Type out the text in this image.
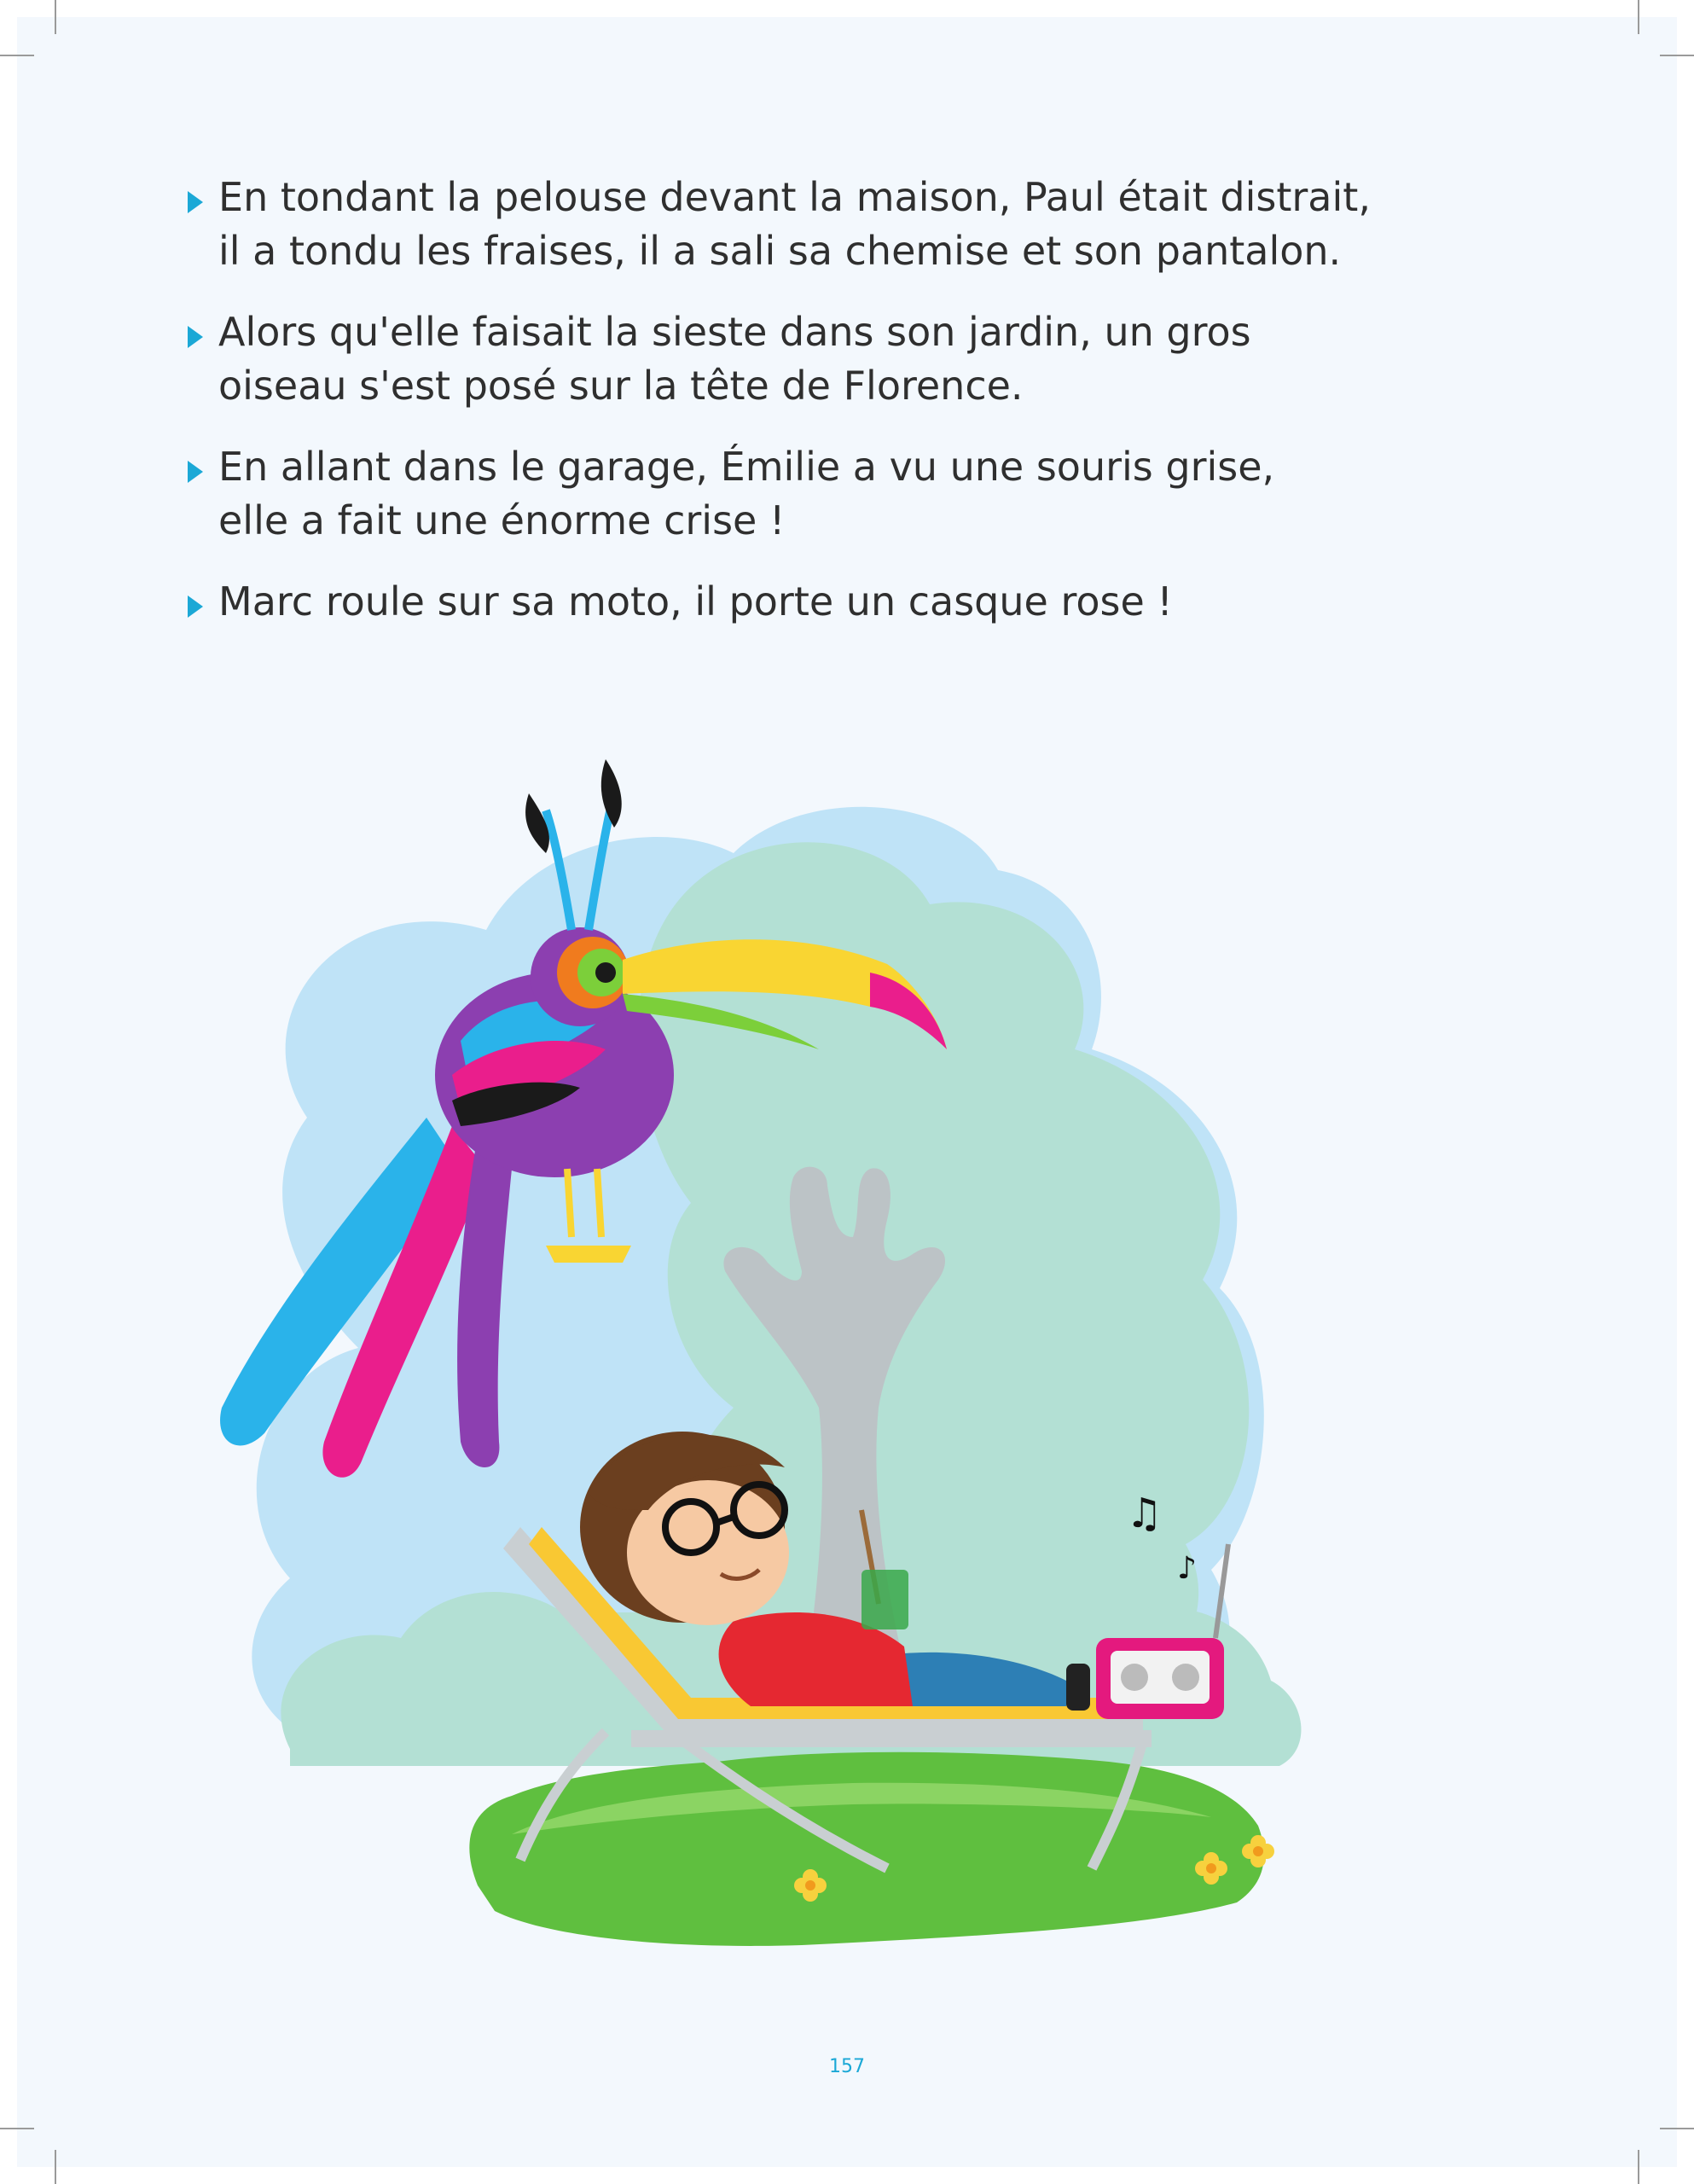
En tondant la pelouse devant la maison, Paul était distrait,
il a tondu les fraises, il a sali sa chemise et son pantalon.
Alors qu'elle faisait la sieste dans son jardin, un gros
oiseau s'est posé sur la tête de Florence.
En allant dans le garage, Émilie a vu une souris grise,
elle a fait une énorme crise !
Marc roule sur sa moto, il porte un casque rose !
♫
♪
157
